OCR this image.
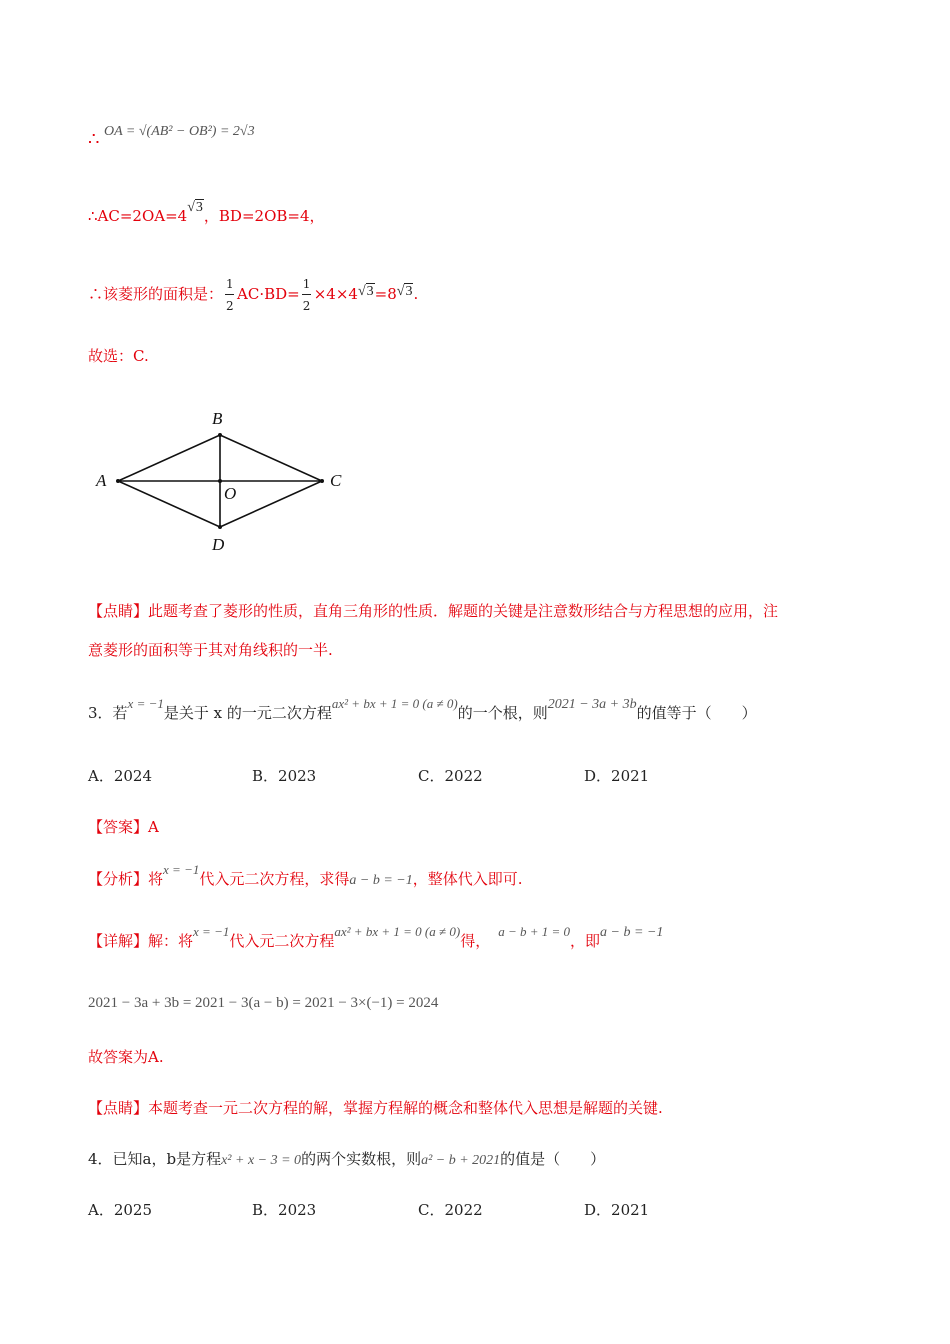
∴ OA = √(AB² − OB²) = 2√3
∴AC=2OA=4√3，BD=2OB=4，
∴该菱形的面积是： $\frac{1}{2} AC\cdot BD= \frac{1}{2} \times 4\times 4√3=8√3$.
故选：C.
A
B
C
D
O
【点睛】此题考查了菱形的性质，直角三角形的性质．解题的关键是注意数形结合与方程思想的应用，注
意菱形的面积等于其对角线积的一半.
3．若x = −1是关于 x 的一元二次方程ax² + bx + 1 = 0 (a ≠ 0)的一个根，则2021 − 3a + 3b的值等于（　　）
A．2024	B．2023	C．2022	D．2021
【答案】A
【分析】将x = −1代入元二次方程，求得a − b = −1，整体代入即可.
【详解】解：将x = −1代入元二次方程ax² + bx + 1 = 0 (a ≠ 0)得，a − b + 1 = 0，即a − b = −1
2021 − 3a + 3b = 2021 − 3(a − b) = 2021 − 3×(−1) = 2024
故答案为A.
【点睛】本题考查一元二次方程的解，掌握方程解的概念和整体代入思想是解题的关键.
4．已知a，b是方程x² + x − 3 = 0的两个实数根，则a² − b + 2021的值是（　　）
A．2025	B．2023	C．2022	D．2021
